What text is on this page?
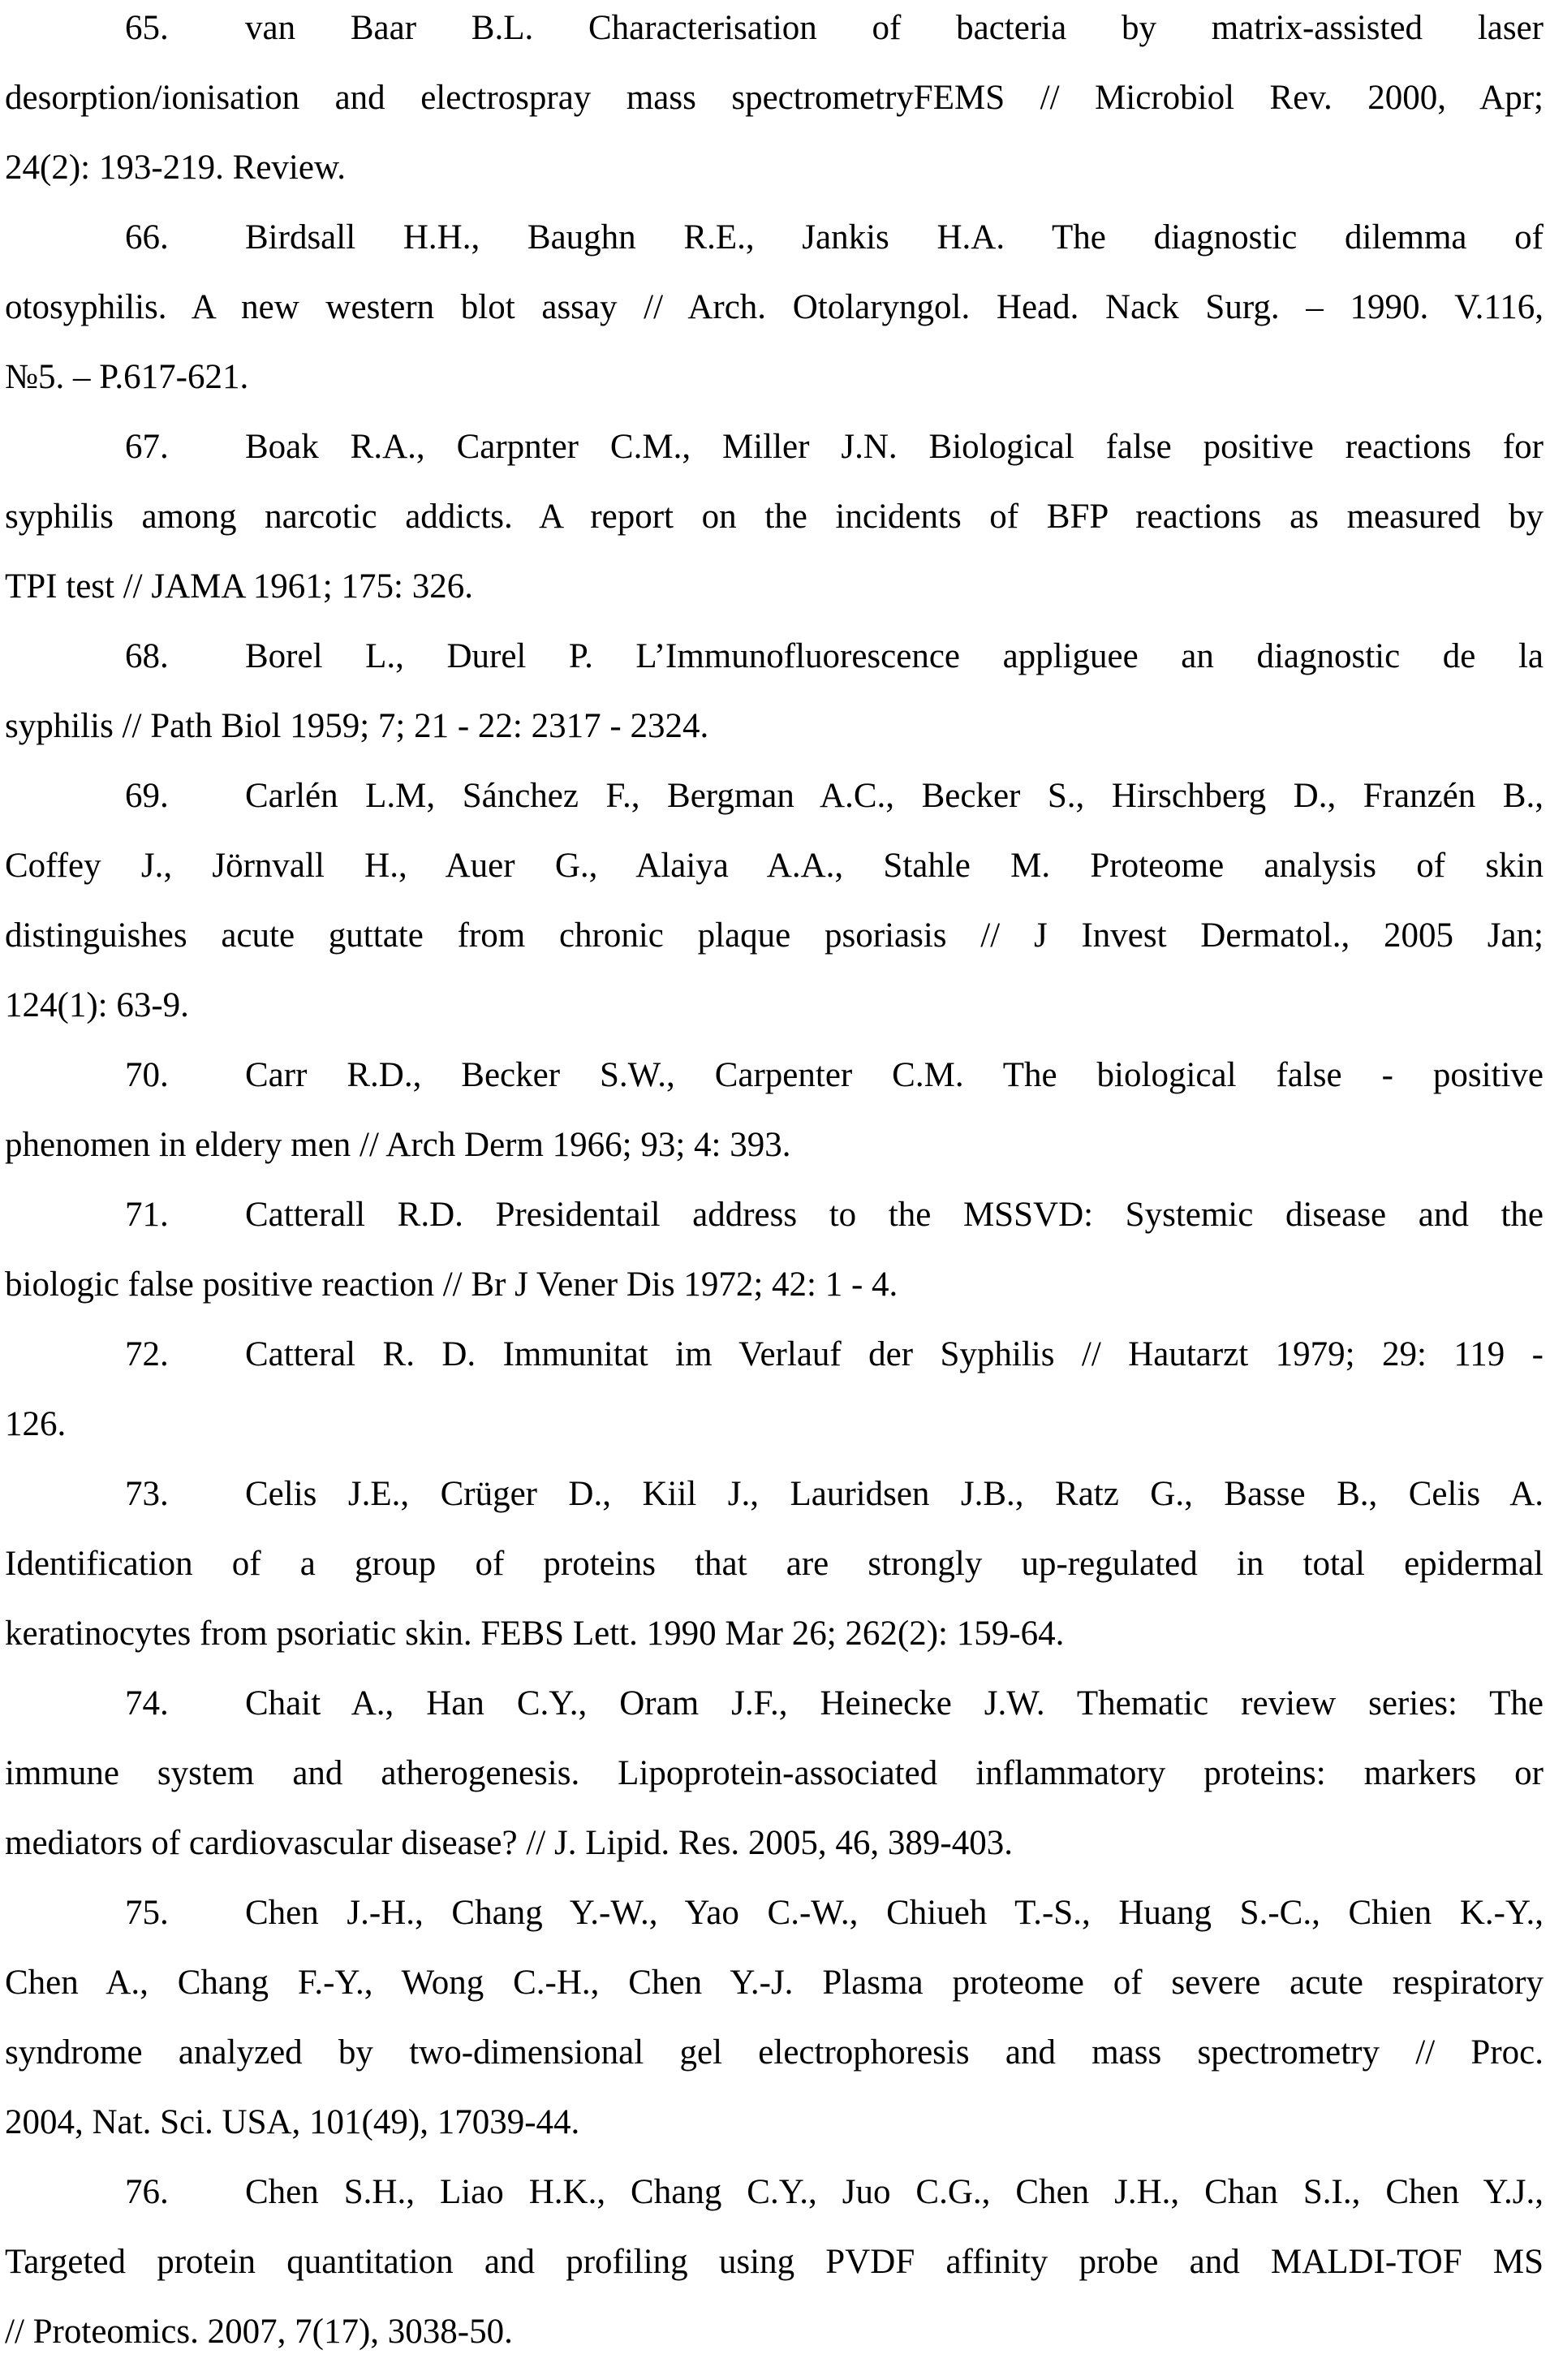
65. van Baar B.L. Characterisation of bacteria by matrix-assisted laser
desorption/ionisation and electrospray mass spectrometryFEMS // Microbiol Rev. 2000, Apr;
24(2): 193-219. Review.
66. Birdsall H.H., Baughn R.E., Jankis H.A. The diagnostic dilemma of
otosyphilis. A new western blot assay // Arch. Otolaryngol. Head. Nack Surg. – 1990. V.116,
№5. – P.617-621.
67. Boak R.A., Carpnter C.M., Miller J.N. Biological false positive reactions for
syphilis among narcotic addicts. A report on the incidents of BFP reactions as measured by
TPI test // JAMA 1961; 175: 326.
68. Borel L., Durel P. L’Immunofluorescence appliguee an diagnostic de la
syphilis // Path Biol 1959; 7; 21 - 22: 2317 - 2324.
69. Carlén L.M, Sánchez F., Bergman A.C., Becker S., Hirschberg D., Franzén B.,
Coffey J., Jörnvall H., Auer G., Alaiya A.A., Stahle M. Proteome analysis of skin
distinguishes acute guttate from chronic plaque psoriasis // J Invest Dermatol., 2005 Jan;
124(1): 63-9.
70. Carr R.D., Becker S.W., Carpenter C.M. The biological false - positive
phenomen in eldery men // Arch Derm 1966; 93; 4: 393.
71. Catterall R.D. Presidentail address to the MSSVD: Systemic disease and the
biologic false positive reaction // Br J Vener Dis 1972; 42: 1 - 4.
72. Catteral R. D. Immunitat im Verlauf der Syphilis // Hautarzt 1979; 29: 119 -
126.
73. Celis J.E., Crüger D., Kiil J., Lauridsen J.B., Ratz G., Basse B., Celis A.
Identification of a group of proteins that are strongly up-regulated in total epidermal
keratinocytes from psoriatic skin. FEBS Lett. 1990 Mar 26; 262(2): 159-64.
74. Chait A., Han C.Y., Oram J.F., Heinecke J.W. Thematic review series: The
immune system and atherogenesis. Lipoprotein-associated inflammatory proteins: markers or
mediators of cardiovascular disease? // J. Lipid. Res. 2005, 46, 389-403.
75. Chen J.-H., Chang Y.-W., Yao C.-W., Chiueh T.-S., Huang S.-C., Chien K.-Y.,
Chen A., Chang F.-Y., Wong C.-H., Chen Y.-J. Plasma proteome of severe acute respiratory
syndrome analyzed by two-dimensional gel electrophoresis and mass spectrometry // Proc.
2004, Nat. Sci. USA, 101(49), 17039-44.
76. Chen S.H., Liao H.K., Chang C.Y., Juo C.G., Chen J.H., Chan S.I., Chen Y.J.,
Targeted protein quantitation and profiling using PVDF affinity probe and MALDI-TOF MS
// Proteomics. 2007, 7(17), 3038-50.
